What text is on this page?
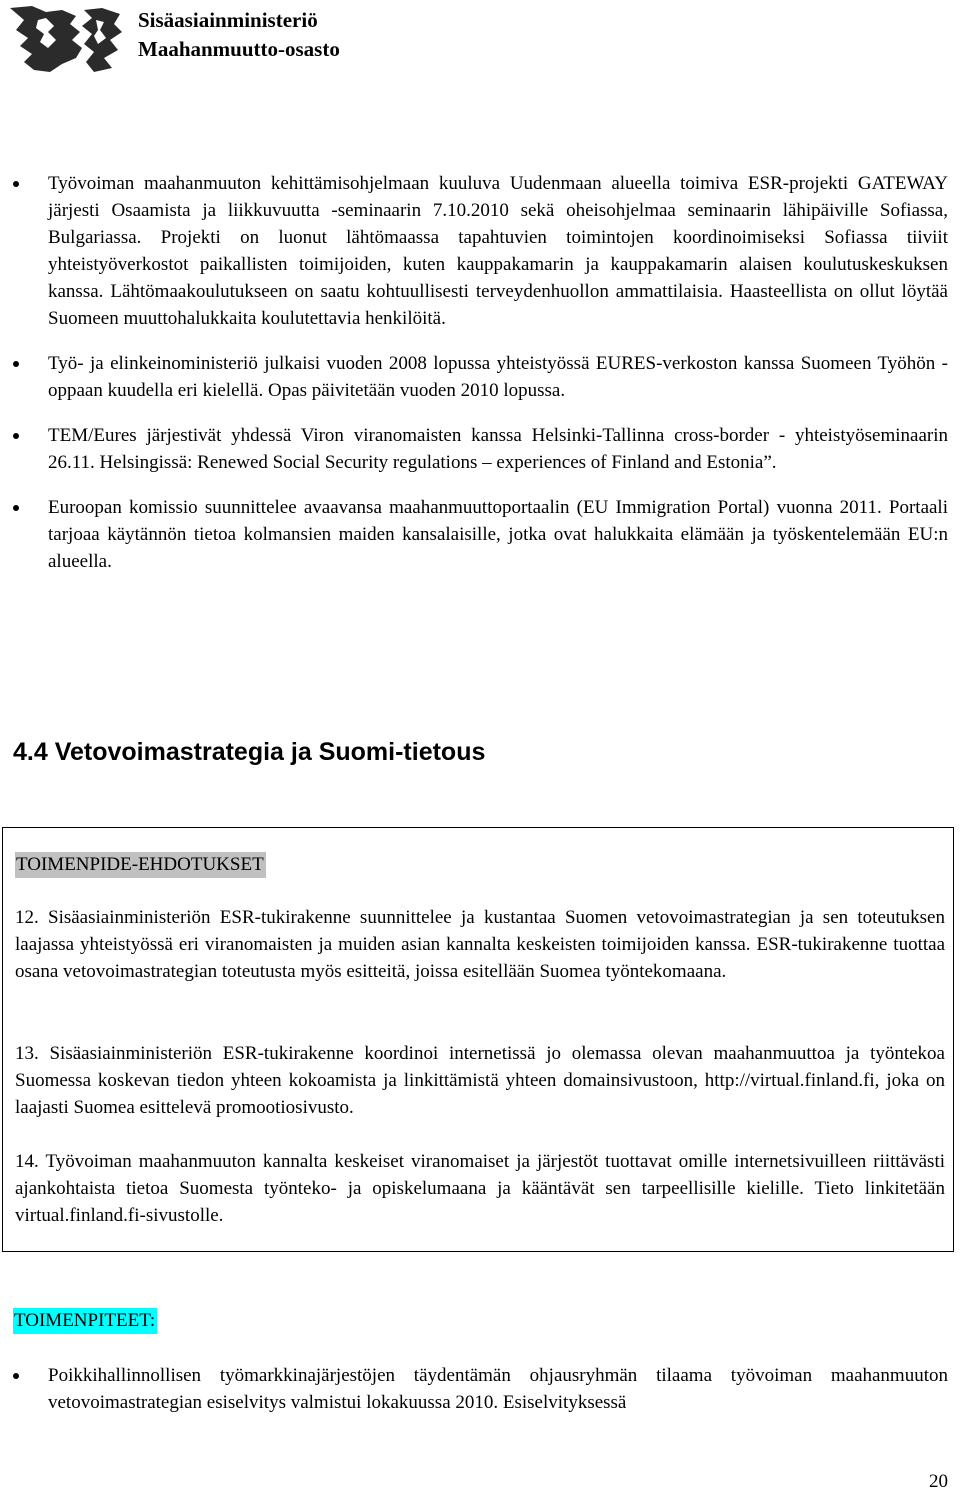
Sisäasiainministeriö
Maahanmuutto-osasto
Työvoiman maahanmuuton kehittämisohjelmaan kuuluva Uudenmaan alueella toimiva ESR-projekti GATEWAY järjesti Osaamista ja liikkuvuutta -seminaarin 7.10.2010 sekä oheisohjelmaa seminaarin lähipäiville Sofiassa, Bulgariassa. Projekti on luonut lähtömaassa tapahtuvien toimintojen koordinoimiseksi Sofiassa tiiviit yhteistyöverkostot paikallisten toimijoiden, kuten kauppakamarin ja kauppakamarin alaisen koulutuskeskuksen kanssa. Lähtömaakoulutukseen on saatu kohtuullisesti terveydenhuollon ammattilaisia. Haasteellista on ollut löytää Suomeen muuttohalukkaita koulutettavia henkilöitä.
Työ- ja elinkeinoministeriö julkaisi vuoden 2008 lopussa yhteistyössä EURES-verkoston kanssa Suomeen Työhön -oppaan kuudella eri kielellä. Opas päivitetään vuoden 2010 lopussa.
TEM/Eures järjestivät yhdessä Viron viranomaisten kanssa Helsinki-Tallinna cross-border - yhteistyöseminaarin 26.11. Helsingissä: Renewed Social Security regulations – experiences of Finland and Estonia”.
Euroopan komissio suunnittelee avaavansa maahanmuuttoportaalin (EU Immigration Portal) vuonna 2011. Portaali tarjoaa käytännön tietoa kolmansien maiden kansalaisille, jotka ovat halukkaita elämään ja työskentelemään EU:n alueella.
4.4 Vetovoimastrategia ja Suomi-tietous
TOIMENPIDE-EHDOTUKSET

12. Sisäasiainministeriön ESR-tukirakenne suunnittelee ja kustantaa Suomen vetovoimastrategian ja sen toteutuksen laajassa yhteistyössä eri viranomaisten ja muiden asian kannalta keskeisten toimijoiden kanssa. ESR-tukirakenne tuottaa osana vetovoimastrategian toteutusta myös esitteitä, joissa esitellään Suomea työntekomaana.

13. Sisäasiainministeriön ESR-tukirakenne koordinoi internetissä jo olemassa olevan maahanmuuttoa ja työntekoa Suomessa koskevan tiedon yhteen kokoamista ja linkittämistä yhteen domainsivustoon, http://virtual.finland.fi, joka on laajasti Suomea esittelevä promootiosivusto.

14. Työvoiman maahanmuuton kannalta keskeiset viranomaiset ja järjestöt tuottavat omille internetsivuilleen riittävästi ajankohtaista tietoa Suomesta työnteko- ja opiskelumaana ja kääntävät sen tarpeellisille kielille. Tieto linkitetään virtual.finland.fi-sivustolle.

TOIMENPITEET:
Poikkihallinnollisen työmarkkinajärjestöjen täydentämän ohjausryhmän tilaama työvoiman maahanmuuton vetovoimastrategian esiselvitys valmistui lokakuussa 2010. Esiselvityksessä
20
